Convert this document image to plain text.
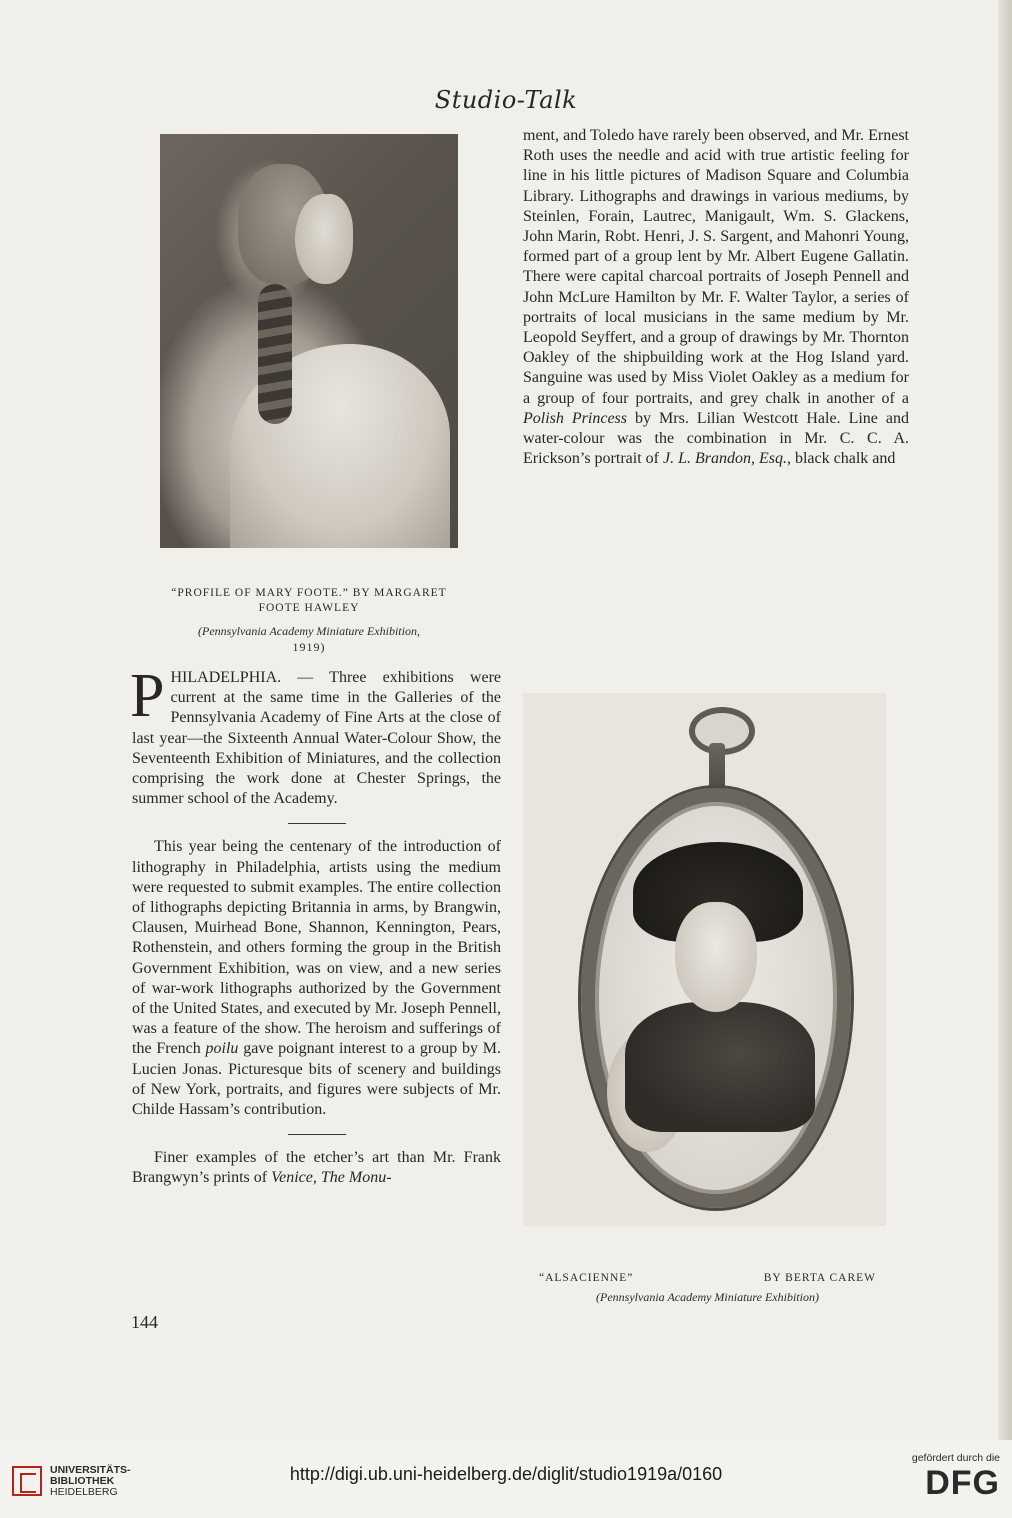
Studio-Talk
“PROFILE OF MARY FOOTE.” BY MARGARET
FOOTE HAWLEY
(Pennsylvania Academy Miniature Exhibition,
1919)

ment, and Toledo have rarely been observed, and Mr. Ernest Roth uses the needle and acid with true artistic feeling for line in his little pictures of Madison Square and Columbia Library. Lithographs and drawings in various mediums, by Steinlen, Forain, Lautrec, Manigault, Wm. S. Glackens, John Marin, Robt. Henri, J. S. Sargent, and Mahonri Young, formed part of a group lent by Mr. Albert Eugene Gallatin. There were capital charcoal portraits of Joseph Pennell and John McLure Hamilton by Mr. F. Walter Taylor, a series of portraits of local musicians in the same medium by Mr. Leopold Seyffert, and a group of drawings by Mr. Thornton Oakley of the shipbuilding work at the Hog Island yard. Sanguine was used by Miss Violet Oakley as a medium for a group of four portraits, and grey chalk in another of a Polish Princess by Mrs. Lilian Westcott Hale. Line and water-colour was the combination in Mr. C. C. A. Erickson’s portrait of J. L. Brandon, Esq., black chalk and

PHILADELPHIA. — Three exhibitions were current at the same time in the Galleries of the Pennsylvania Academy of Fine Arts at the close of last year—the Sixteenth Annual Water-Colour Show, the Seventeenth Exhibition of Miniatures, and the collection comprising the work done at Chester Springs, the summer school of the Academy.

This year being the centenary of the introduction of lithography in Philadelphia, artists using the medium were requested to submit examples. The entire collection of lithographs depicting Britannia in arms, by Brangwin, Clausen, Muirhead Bone, Shannon, Kennington, Pears, Rothenstein, and others forming the group in the British Government Exhibition, was on view, and a new series of war-work lithographs authorized by the Government of the United States, and executed by Mr. Joseph Pennell, was a feature of the show. The heroism and sufferings of the French poilu gave poignant interest to a group by M. Lucien Jonas. Picturesque bits of scenery and buildings of New York, portraits, and figures were subjects of Mr. Childe Hassam’s contribution.

Finer examples of the etcher’s art than Mr. Frank Brangwyn’s prints of Venice, The Monu-

“ALSACIENNE”	BY BERTA CAREW
(Pennsylvania Academy Miniature Exhibition)
144
UNIVERSITÄTS-
BIBLIOTHEK
HEIDELBERG
http://digi.ub.uni-heidelberg.de/diglit/studio1919a/0160
gefördert durch die
DFG
